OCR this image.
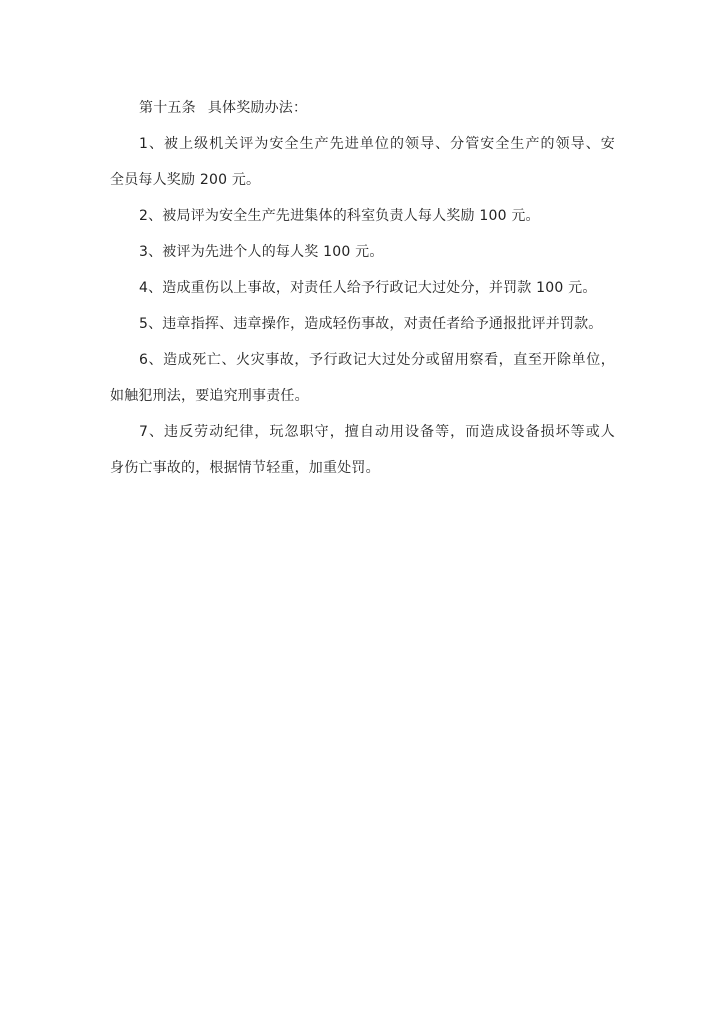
第十五条 具体奖励办法：
1、被上级机关评为安全生产先进单位的领导、分管安全生产的领导、安
全员每人奖励 200 元。
2、被局评为安全生产先进集体的科室负责人每人奖励 100 元。
3、被评为先进个人的每人奖 100 元。
4、造成重伤以上事故，对责任人给予行政记大过处分，并罚款 100 元。
5、违章指挥、违章操作，造成轻伤事故，对责任者给予通报批评并罚款。
6、造成死亡、火灾事故，予行政记大过处分或留用察看，直至开除单位，
如触犯刑法，要追究刑事责任。
7、违反劳动纪律，玩忽职守，擅自动用设备等，而造成设备损坏等或人
身伤亡事故的，根据情节轻重，加重处罚。
